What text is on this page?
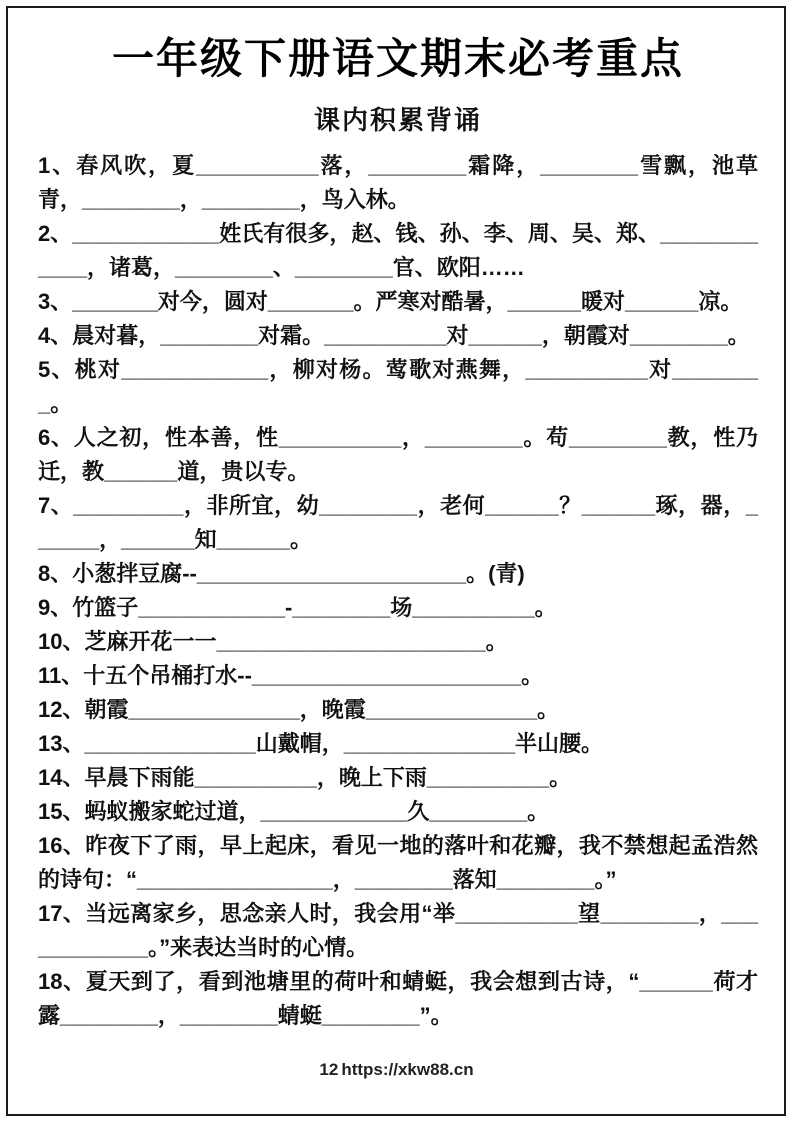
一年级下册语文期末必考重点
课内积累背诵

1、春风吹，夏__________落，________霜降，________雪飘，池草青，________，________，鸟入林。

2、____________姓氏有很多，赵、钱、孙、李、周、吴、郑、____________，诸葛，________、________官、欧阳……

3、_______对今，圆对_______。严寒对酷暑，______暖对______凉。

4、晨对暮，________对霜。__________对______，朝霞对________。

5、桃对____________，柳对杨。莺歌对燕舞，__________对________。

6、人之初，性本善，性__________，________。苟________教，性乃迁，教______道，贵以专。

7、_________，非所宜，幼________，老何______？______琢，器，______，______知______。

8、小葱拌豆腐--______________________。(青)

9、竹篮子____________-________场__________。

10、芝麻开花一一______________________。

11、十五个吊桶打水--______________________。

12、朝霞______________，晚霞______________。

13、______________山戴帽，______________半山腰。

14、早晨下雨能__________，晚上下雨__________。

15、蚂蚁搬家蛇过道，____________久________。

16、昨夜下了雨，早上起床，看见一地的落叶和花瓣，我不禁想起孟浩然的诗句：“________________，________落知________。”

17、当远离家乡，思念亲人时，我会用“举__________望________，____________。”来表达当时的心情。

18、夏天到了，看到池塘里的荷叶和蜻蜓，我会想到古诗，“______荷才露________，________蜻蜓________”。

12 https://xkw88.cn
